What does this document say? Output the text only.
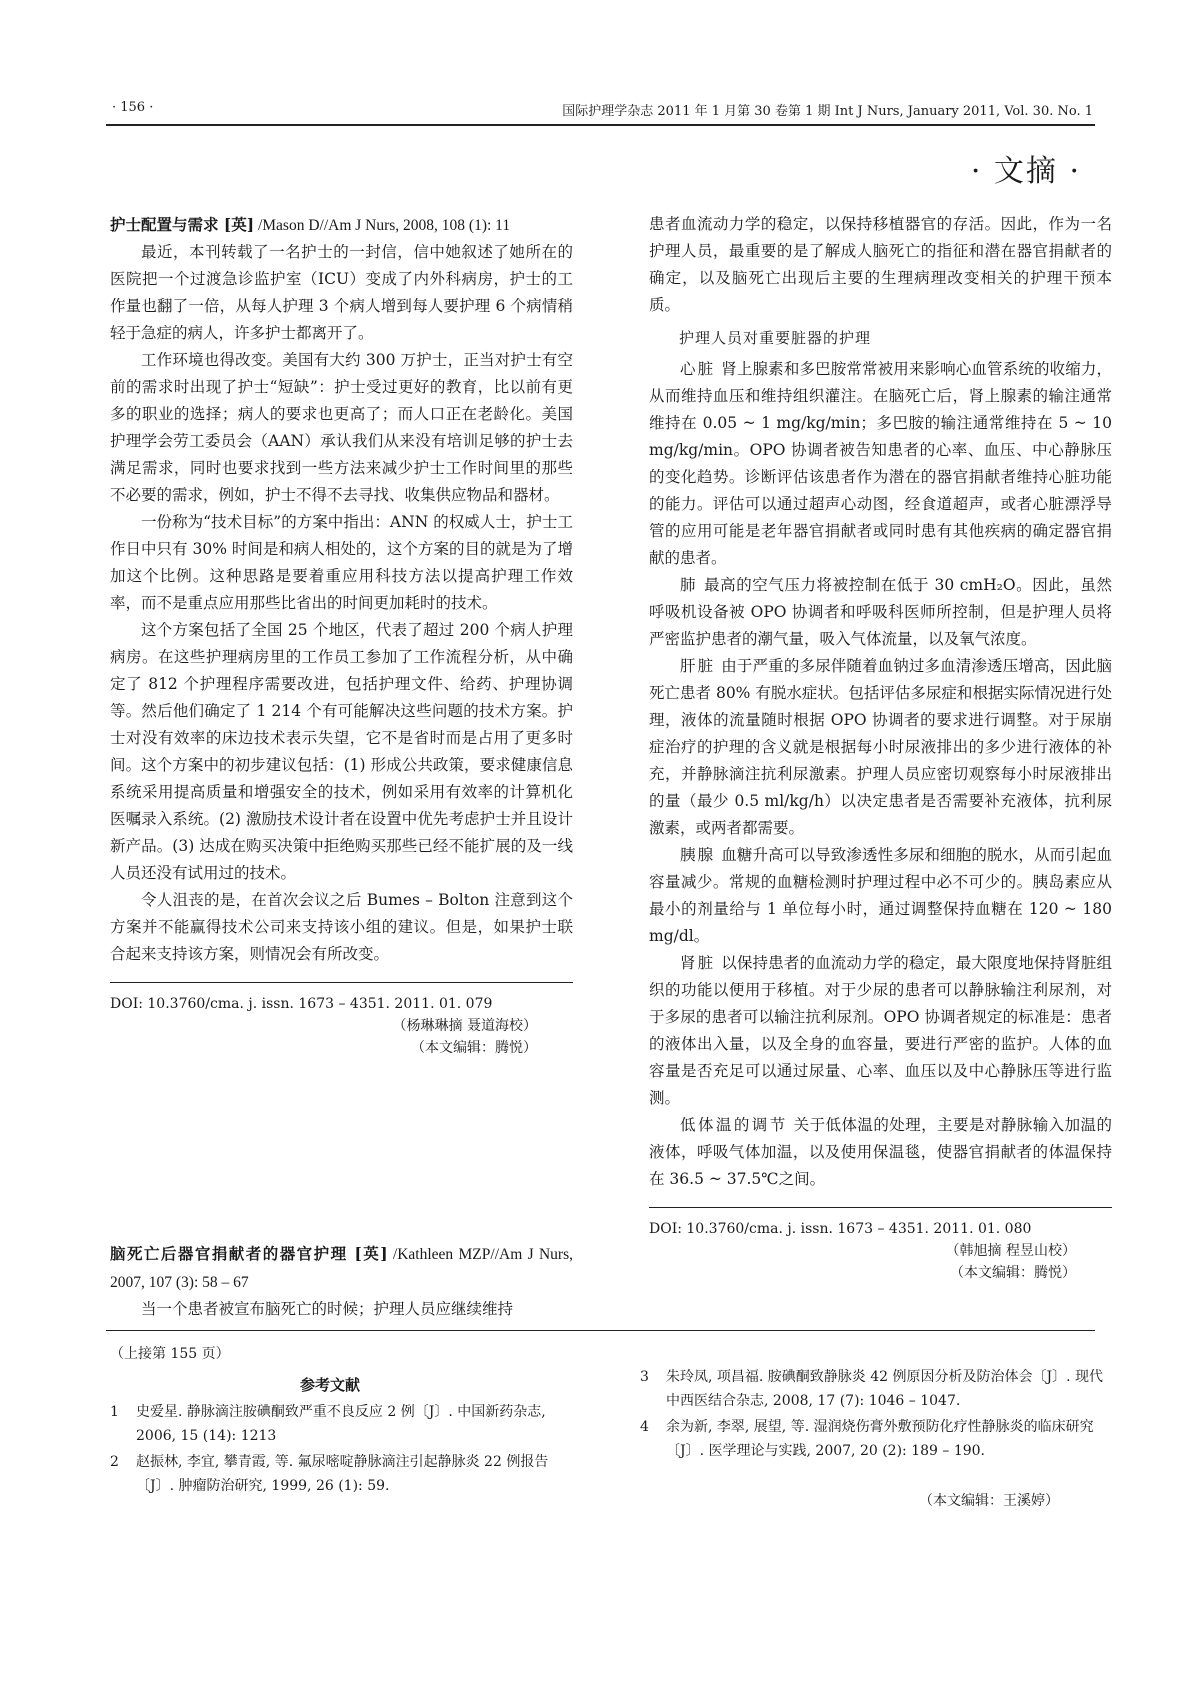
· 156 ·	国际护理学杂志 2011 年 1 月第 30 卷第 1 期 Int J Nurs, January 2011, Vol. 30. No. 1
· 文摘 ·

护士配置与需求 [英] /Mason D//Am J Nurs, 2008, 108 (1): 11

最近，本刊转载了一名护士的一封信，信中她叙述了她所在的医院把一个过渡急诊监护室（ICU）变成了内外科病房，护士的工作量也翻了一倍，从每人护理 3 个病人增到每人要护理 6 个病情稍轻于急症的病人，许多护士都离开了。

工作环境也得改变。美国有大约 300 万护士，正当对护士有空前的需求时出现了护士“短缺”：护士受过更好的教育，比以前有更多的职业的选择；病人的要求也更高了；而人口正在老龄化。美国护理学会劳工委员会（AAN）承认我们从来没有培训足够的护士去满足需求，同时也要求找到一些方法来减少护士工作时间里的那些不必要的需求，例如，护士不得不去寻找、收集供应物品和器材。

一份称为“技术目标”的方案中指出：ANN 的权威人士，护士工作日中只有 30% 时间是和病人相处的，这个方案的目的就是为了增加这个比例。这种思路是要着重应用科技方法以提高护理工作效率，而不是重点应用那些比省出的时间更加耗时的技术。

这个方案包括了全国 25 个地区，代表了超过 200 个病人护理病房。在这些护理病房里的工作员工参加了工作流程分析，从中确定了 812 个护理程序需要改进，包括护理文件、给药、护理协调等。然后他们确定了 1 214 个有可能解决这些问题的技术方案。护士对没有效率的床边技术表示失望，它不是省时而是占用了更多时间。这个方案中的初步建议包括：(1) 形成公共政策，要求健康信息系统采用提高质量和增强安全的技术，例如采用有效率的计算机化医嘱录入系统。(2) 激励技术设计者在设置中优先考虑护士并且设计新产品。(3) 达成在购买决策中拒绝购买那些已经不能扩展的及一线人员还没有试用过的技术。

令人沮丧的是，在首次会议之后 Bumes – Bolton 注意到这个方案并不能赢得技术公司来支持该小组的建议。但是，如果护士联合起来支持该方案，则情况会有所改变。

DOI: 10.3760/cma. j. issn. 1673 – 4351. 2011. 01. 079
（杨琳琳摘 聂道海校）
（本文编辑：腾悦）

脑死亡后器官捐献者的器官护理 [英] /Kathleen MZP//Am J Nurs, 2007, 107 (3): 58 – 67

当一个患者被宣布脑死亡的时候；护理人员应继续维持

患者血流动力学的稳定，以保持移植器官的存活。因此，作为一名护理人员，最重要的是了解成人脑死亡的指征和潜在器官捐献者的确定，以及脑死亡出现后主要的生理病理改变相关的护理干预本质。

护理人员对重要脏器的护理

心脏 肾上腺素和多巴胺常常被用来影响心血管系统的收缩力，从而维持血压和维持组织灌注。在脑死亡后，肾上腺素的输注通常维持在 0.05 ~ 1 mg/kg/min；多巴胺的输注通常维持在 5 ~ 10 mg/kg/min。OPO 协调者被告知患者的心率、血压、中心静脉压的变化趋势。诊断评估该患者作为潜在的器官捐献者维持心脏功能的能力。评估可以通过超声心动图，经食道超声，或者心脏漂浮导管的应用可能是老年器官捐献者或同时患有其他疾病的确定器官捐献的患者。

肺 最高的空气压力将被控制在低于 30 cmH₂O。因此，虽然呼吸机设备被 OPO 协调者和呼吸科医师所控制，但是护理人员将严密监护患者的潮气量，吸入气体流量，以及氧气浓度。

肝脏 由于严重的多尿伴随着血钠过多血清渗透压增高，因此脑死亡患者 80% 有脱水症状。包括评估多尿症和根据实际情况进行处理，液体的流量随时根据 OPO 协调者的要求进行调整。对于尿崩症治疗的护理的含义就是根据每小时尿液排出的多少进行液体的补充，并静脉滴注抗利尿激素。护理人员应密切观察每小时尿液排出的量（最少 0.5 ml/kg/h）以决定患者是否需要补充液体，抗利尿激素，或两者都需要。

胰腺 血糖升高可以导致渗透性多尿和细胞的脱水，从而引起血容量减少。常规的血糖检测时护理过程中必不可少的。胰岛素应从最小的剂量给与 1 单位每小时，通过调整保持血糖在 120 ~ 180 mg/dl。

肾脏 以保持患者的血流动力学的稳定，最大限度地保持肾脏组织的功能以便用于移植。对于少尿的患者可以静脉输注利尿剂，对于多尿的患者可以输注抗利尿剂。OPO 协调者规定的标准是：患者的液体出入量，以及全身的血容量，要进行严密的监护。人体的血容量是否充足可以通过尿量、心率、血压以及中心静脉压等进行监测。

低体温的调节 关于低体温的处理，主要是对静脉输入加温的液体，呼吸气体加温，以及使用保温毯，使器官捐献者的体温保持在 36.5 ~ 37.5℃之间。

DOI: 10.3760/cma. j. issn. 1673 – 4351. 2011. 01. 080
（韩旭摘 程昱山校）
（本文编辑：腾悦）
（上接第 155 页）
参考文献
1 史爱星. 静脉滴注胺碘酮致严重不良反应 2 例〔J〕. 中国新药杂志, 2006, 15 (14): 1213
2 赵振林, 李宜, 攀青霞, 等. 氟尿嘧啶静脉滴注引起静脉炎 22 例报告〔J〕. 肿瘤防治研究, 1999, 26 (1): 59.
3 朱玲凤, 项昌福. 胺碘酮致静脉炎 42 例原因分析及防治体会〔J〕. 现代中西医结合杂志, 2008, 17 (7): 1046 – 1047.
4 余为新, 李翠, 展望, 等. 湿润烧伤膏外敷预防化疗性静脉炎的临床研究〔J〕. 医学理论与实践, 2007, 20 (2): 189 – 190.
（本文编辑：王溪婷）
